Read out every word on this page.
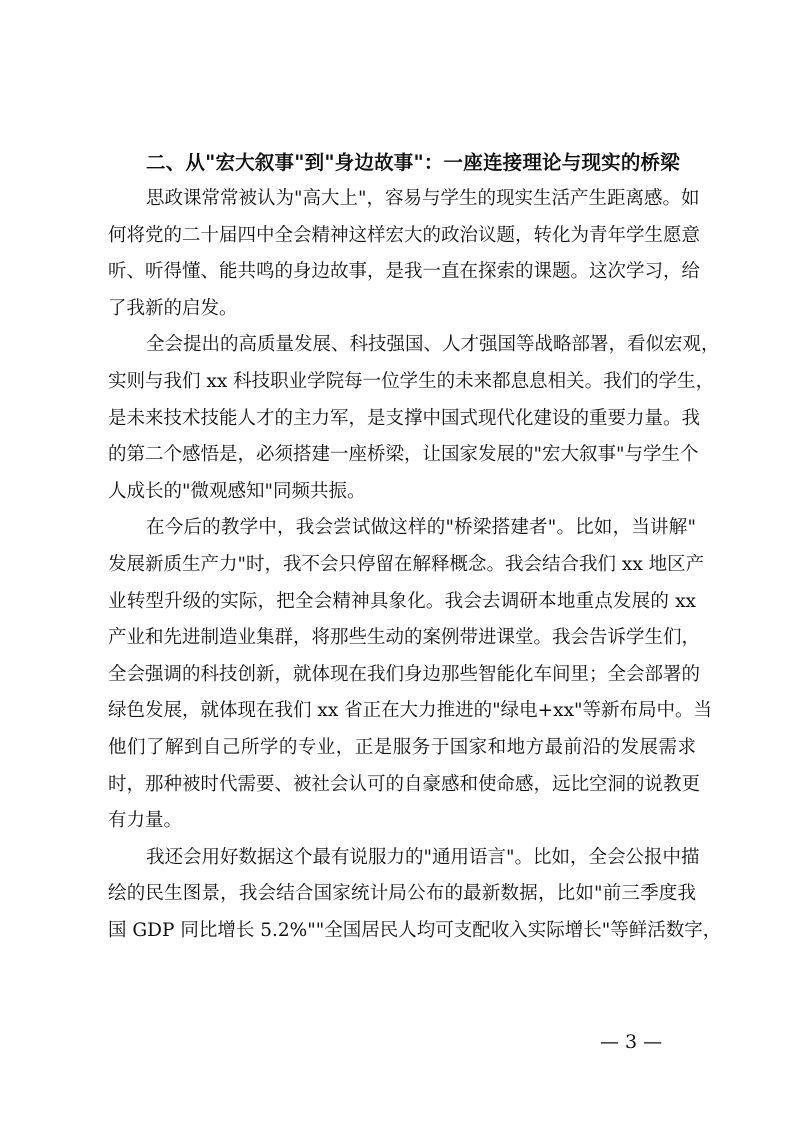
二、从"宏大叙事"到"身边故事"：一座连接理论与现实的桥梁

思政课常常被认为"高大上"，容易与学生的现实生活产生距离感。如
何将党的二十届四中全会精神这样宏大的政治议题，转化为青年学生愿意
听、听得懂、能共鸣的身边故事，是我一直在探索的课题。这次学习，给
了我新的启发。

全会提出的高质量发展、科技强国、人才强国等战略部署，看似宏观，
实则与我们 xx 科技职业学院每一位学生的未来都息息相关。我们的学生，
是未来技术技能人才的主力军，是支撑中国式现代化建设的重要力量。我
的第二个感悟是，必须搭建一座桥梁，让国家发展的"宏大叙事"与学生个
人成长的"微观感知"同频共振。

在今后的教学中，我会尝试做这样的"桥梁搭建者"。比如，当讲解"
发展新质生产力"时，我不会只停留在解释概念。我会结合我们 xx 地区产
业转型升级的实际，把全会精神具象化。我会去调研本地重点发展的 xx
产业和先进制造业集群，将那些生动的案例带进课堂。我会告诉学生们，
全会强调的科技创新，就体现在我们身边那些智能化车间里；全会部署的
绿色发展，就体现在我们 xx 省正在大力推进的"绿电+xx"等新布局中。当
他们了解到自己所学的专业，正是服务于国家和地方最前沿的发展需求
时，那种被时代需要、被社会认可的自豪感和使命感，远比空洞的说教更
有力量。

我还会用好数据这个最有说服力的"通用语言"。比如，全会公报中描
绘的民生图景，我会结合国家统计局公布的最新数据，比如"前三季度我
国 GDP 同比增长 5.2%""全国居民人均可支配收入实际增长"等鲜活数字，

— 3 —
